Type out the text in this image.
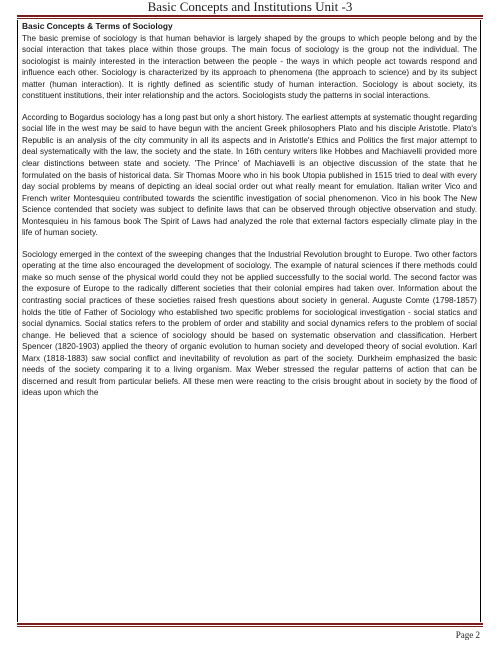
Basic Concepts and Institutions Unit -3

Basic Concepts & Terms of Sociology

The basic premise of sociology is that human behavior is largely shaped by the groups to which people belong and by the social interaction that takes place within those groups. The main focus of sociology is the group not the individual. The sociologist is mainly interested in the interaction between the people - the ways in which people act towards respond and influence each other. Sociology is characterized by its approach to phenomena (the approach to science) and by its subject matter (human interaction). It is rightly defined as scientific study of human interaction. Sociology is about society, its constituent institutions, their inter relationship and the actors. Sociologists study the patterns in social interactions.

According to Bogardus sociology has a long past but only a short history. The earliest attempts at systematic thought regarding social life in the west may be said to have begun with the ancient Greek philosophers Plato and his disciple Aristotle. Plato's Republic is an analysis of the city community in all its aspects and in Aristotle's Ethics and Politics the first major attempt to deal systematically with the law, the society and the state. In 16th century writers like Hobbes and Machiavelli provided more clear distinctions between state and society. 'The Prince' of Machiavelli is an objective discussion of the state that he formulated on the basis of historical data. Sir Thomas Moore who in his book Utopia published in 1515 tried to deal with every day social problems by means of depicting an ideal social order out what really meant for emulation. Italian writer Vico and French writer Montesquieu contributed towards the scientific investigation of social phenomenon. Vico in his book The New Science contended that society was subject to definite laws that can be observed through objective observation and study. Montesquieu in his famous book The Spirit of Laws had analyzed the role that external factors especially climate play in the life of human society.

Sociology emerged in the context of the sweeping changes that the Industrial Revolution brought to Europe. Two other factors operating at the time also encouraged the development of sociology. The example of natural sciences if there methods could make so much sense of the physical world could they not be applied successfully to the social world. The second factor was the exposure of Europe to the radically different societies that their colonial empires had taken over. Information about the contrasting social practices of these societies raised fresh questions about society in general. Auguste Comte (1798-1857) holds the title of Father of Sociology who established two specific problems for sociological investigation - social statics and social dynamics. Social statics refers to the problem of order and stability and social dynamics refers to the problem of social change. He believed that a science of sociology should be based on systematic observation and classification. Herbert Spencer (1820-1903) applied the theory of organic evolution to human society and developed theory of social evolution. Karl Marx (1818-1883) saw social conflict and inevitability of revolution as part of the society. Durkheim emphasized the basic needs of the society comparing it to a living organism. Max Weber stressed the regular patterns of action that can be discerned and result from particular beliefs. All these men were reacting to the crisis brought about in society by the flood of ideas upon which the

Page 2
